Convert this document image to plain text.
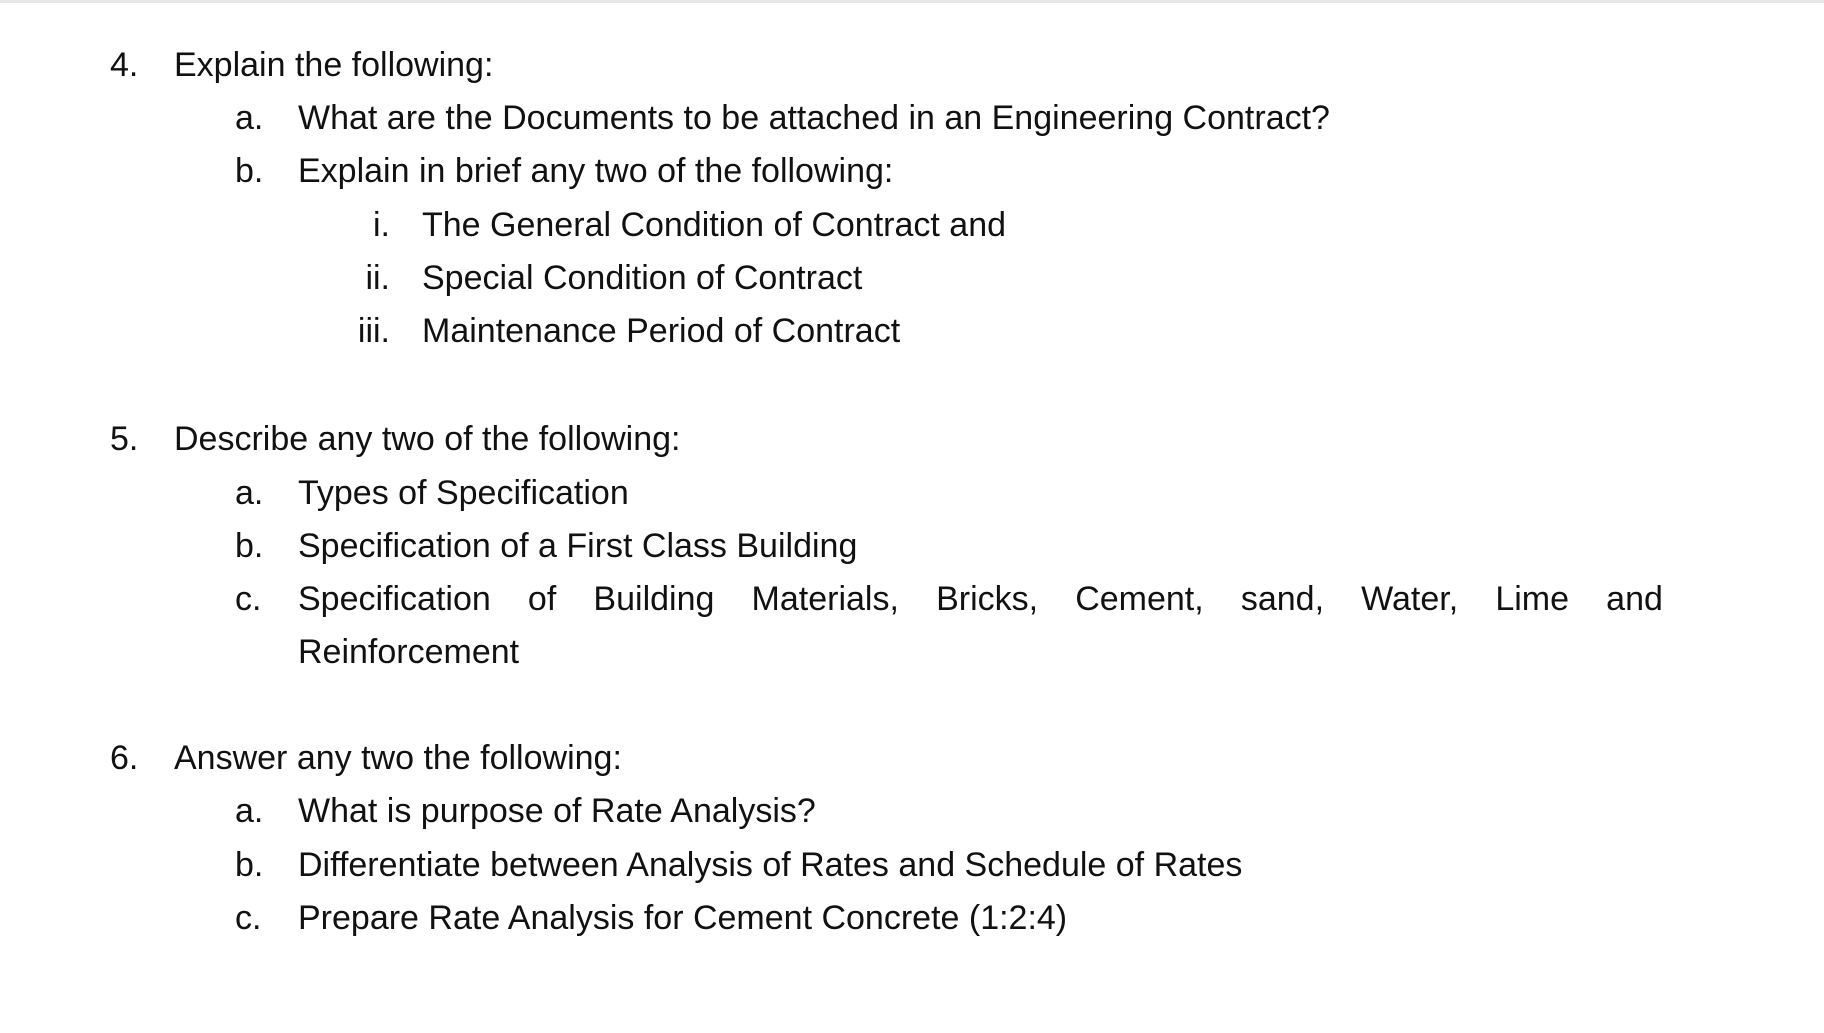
4. Explain the following:
a. What are the Documents to be attached in an Engineering Contract?
b. Explain in brief any two of the following:
i. The General Condition of Contract and
ii. Special Condition of Contract
iii. Maintenance Period of Contract
5. Describe any two of the following:
a. Types of Specification
b. Specification of a First Class Building
c. Specification of Building Materials, Bricks, Cement, sand, Water, Lime and
Reinforcement
6. Answer any two the following:
a. What is purpose of Rate Analysis?
b. Differentiate between Analysis of Rates and Schedule of Rates
c. Prepare Rate Analysis for Cement Concrete (1:2:4)
